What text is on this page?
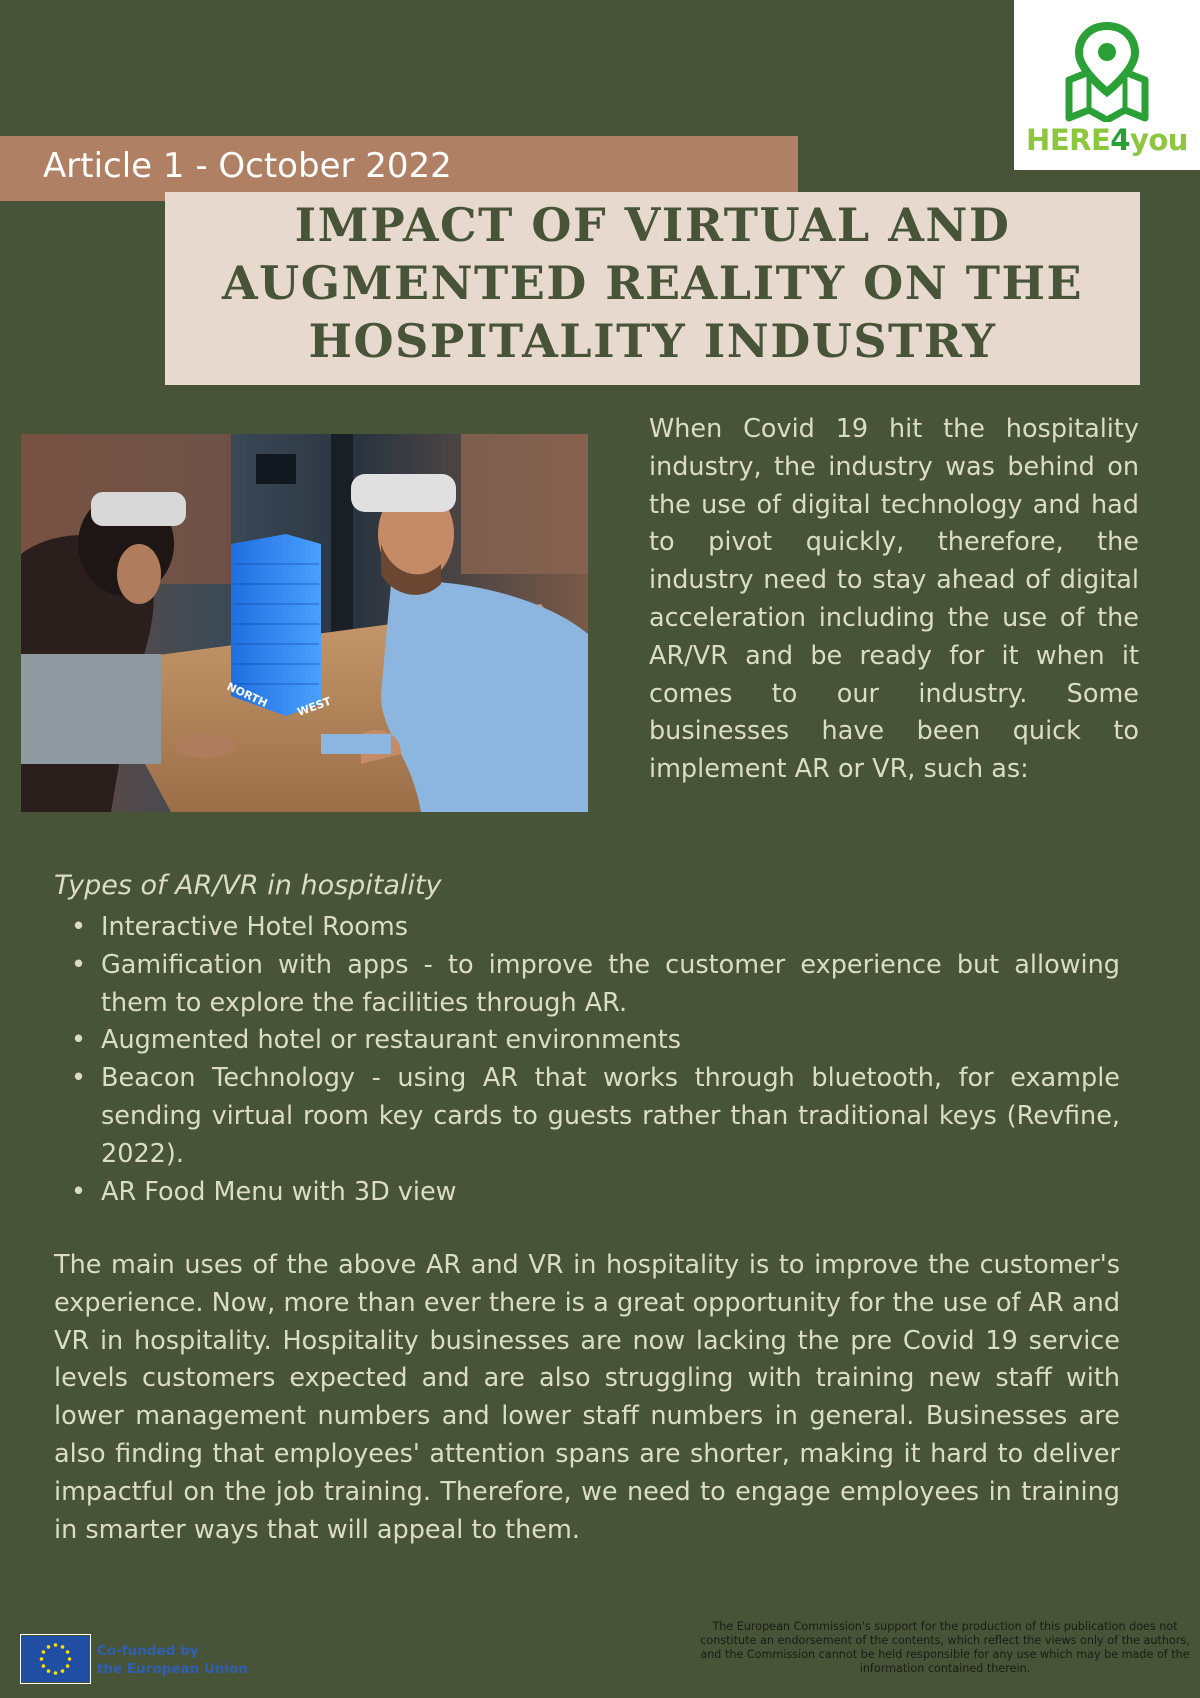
HERE4you
Article 1 - October 2022
IMPACT OF VIRTUAL AND
AUGMENTED REALITY ON THE
HOSPITALITY INDUSTRY
NORTH WEST

When Covid 19 hit the hospitality industry, the industry was behind on the use of digital technology and had to pivot quickly, therefore, the industry need to stay ahead of digital acceleration including the use of the AR/VR and be ready for it when it comes to our industry. Some businesses have been quick to implement AR or VR, such as:

Types of AR/VR in hospitality

• Interactive Hotel Rooms
• Gamification with apps - to improve the customer experience but allowing them to explore the facilities through AR.
• Augmented hotel or restaurant environments
• Beacon Technology - using AR that works through bluetooth, for example sending virtual room key cards to guests rather than traditional keys (Revfine, 2022).
• AR Food Menu with 3D view

The main uses of the above AR and VR in hospitality is to improve the customer's experience. Now, more than ever there is a great opportunity for the use of AR and VR in hospitality. Hospitality businesses are now lacking the pre Covid 19 service levels customers expected and are also struggling with training new staff with lower management numbers and lower staff numbers in general. Businesses are also finding that employees' attention spans are shorter, making it hard to deliver impactful on the job training. Therefore, we need to engage employees in training in smarter ways that will appeal to them.

Co-funded by
the European Union

The European Commission's support for the production of this publication does not constitute an endorsement of the contents, which reflect the views only of the authors, and the Commission cannot be held responsible for any use which may be made of the information contained therein.
